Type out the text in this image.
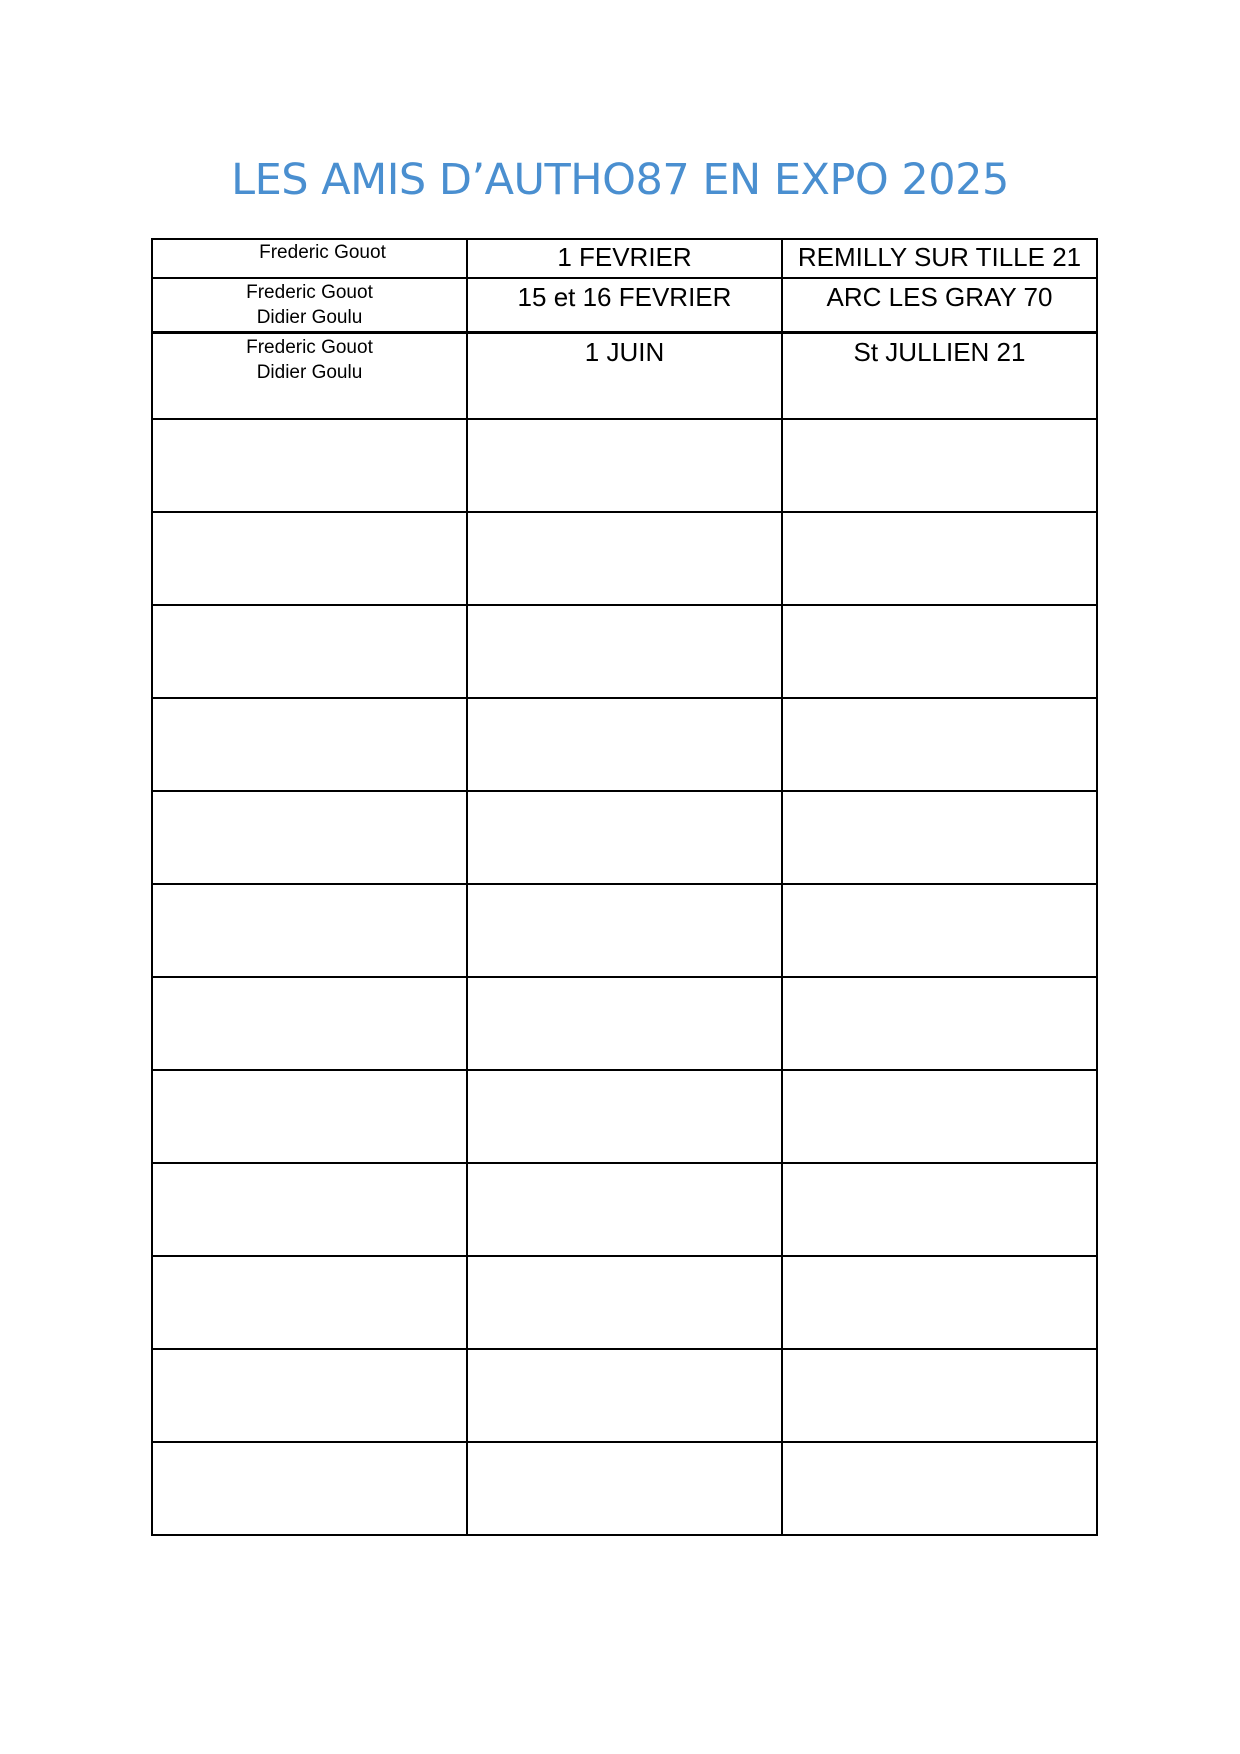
LES AMIS D’AUTHO87 EN EXPO 2025
Frederic Gouot	1 FEVRIER	REMILLY SUR TILLE 21

Frederic Gouot
Didier Goulu	15 et 16 FEVRIER	ARC LES GRAY 70

Frederic Gouot
Didier Goulu	1 JUIN	St JULLIEN 21
